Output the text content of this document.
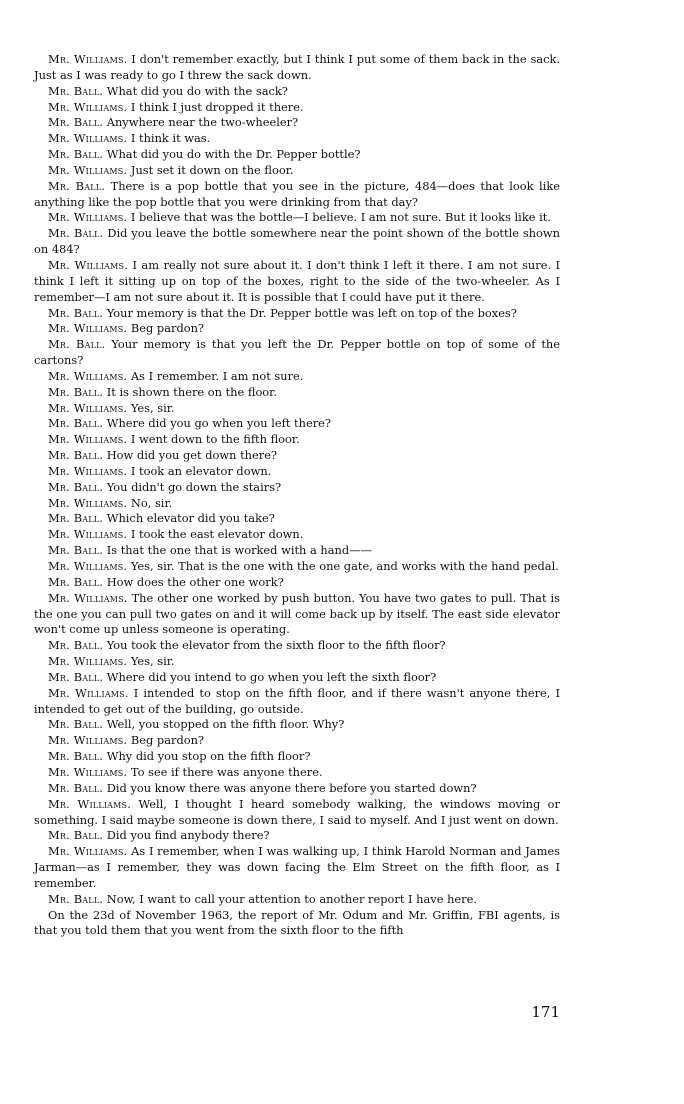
Mr. Williams. I don't remember exactly, but I think I put some of them back in the sack. Just as I was ready to go I threw the sack down.

Mr. Ball. What did you do with the sack?

Mr. Williams. I think I just dropped it there.

Mr. Ball. Anywhere near the two-wheeler?

Mr. Williams. I think it was.

Mr. Ball. What did you do with the Dr. Pepper bottle?

Mr. Williams. Just set it down on the floor.

Mr. Ball. There is a pop bottle that you see in the picture, 484—does that look like anything like the pop bottle that you were drinking from that day?

Mr. Williams. I believe that was the bottle—I believe. I am not sure. But it looks like it.

Mr. Ball. Did you leave the bottle somewhere near the point shown of the bottle shown on 484?

Mr. Williams. I am really not sure about it. I don't think I left it there. I am not sure. I think I left it sitting up on top of the boxes, right to the side of the two-wheeler. As I remember—I am not sure about it. It is possible that I could have put it there.

Mr. Ball. Your memory is that the Dr. Pepper bottle was left on top of the boxes?

Mr. Williams. Beg pardon?

Mr. Ball. Your memory is that you left the Dr. Pepper bottle on top of some of the cartons?

Mr. Williams. As I remember. I am not sure.

Mr. Ball. It is shown there on the floor.

Mr. Williams. Yes, sir.

Mr. Ball. Where did you go when you left there?

Mr. Williams. I went down to the fifth floor.

Mr. Ball. How did you get down there?

Mr. Williams. I took an elevator down.

Mr. Ball. You didn't go down the stairs?

Mr. Williams. No, sir.

Mr. Ball. Which elevator did you take?

Mr. Williams. I took the east elevator down.

Mr. Ball. Is that the one that is worked with a hand——

Mr. Williams. Yes, sir. That is the one with the one gate, and works with the hand pedal.

Mr. Ball. How does the other one work?

Mr. Williams. The other one worked by push button. You have two gates to pull. That is the one you can pull two gates on and it will come back up by itself. The east side elevator won't come up unless someone is operating.

Mr. Ball. You took the elevator from the sixth floor to the fifth floor?

Mr. Williams. Yes, sir.

Mr. Ball. Where did you intend to go when you left the sixth floor?

Mr. Williams. I intended to stop on the fifth floor, and if there wasn't anyone there, I intended to get out of the building, go outside.

Mr. Ball. Well, you stopped on the fifth floor. Why?

Mr. Williams. Beg pardon?

Mr. Ball. Why did you stop on the fifth floor?

Mr. Williams. To see if there was anyone there.

Mr. Ball. Did you know there was anyone there before you started down?

Mr. Williams. Well, I thought I heard somebody walking, the windows moving or something. I said maybe someone is down there, I said to myself. And I just went on down.

Mr. Ball. Did you find anybody there?

Mr. Williams. As I remember, when I was walking up, I think Harold Norman and James Jarman—as I remember, they was down facing the Elm Street on the fifth floor, as I remember.

Mr. Ball. Now, I want to call your attention to another report I have here.

On the 23d of November 1963, the report of Mr. Odum and Mr. Griffin, FBI agents, is that you told them that you went from the sixth floor to the fifth

171
